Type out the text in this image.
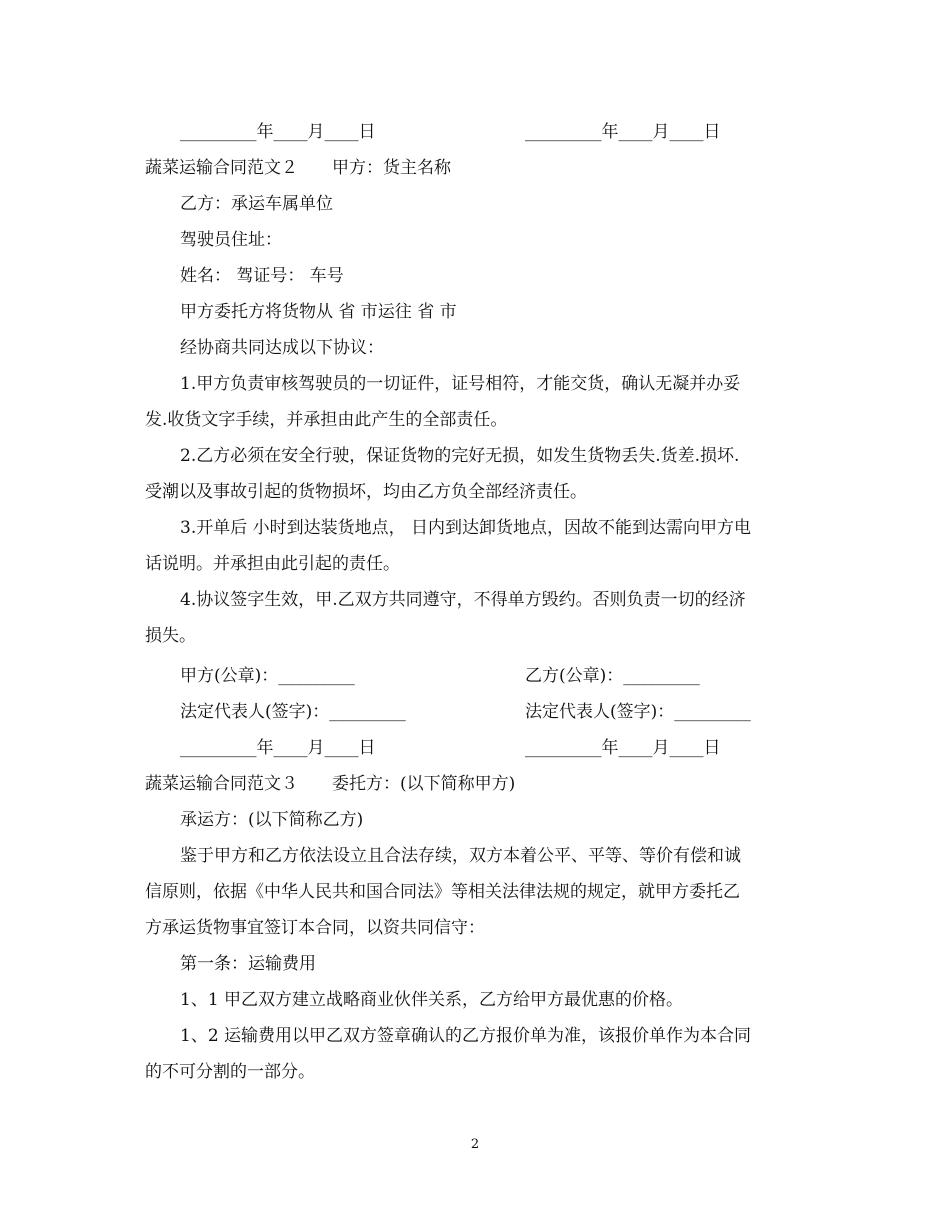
_________年____月____日	_________年____月____日
蔬菜运输合同范文２　　甲方：货主名称
乙方：承运车属单位
驾驶员住址：
姓名： 驾证号： 车号
甲方委托方将货物从 省 市运往 省 市
经协商共同达成以下协议：
1.甲方负责审核驾驶员的一切证件，证号相符，才能交货，确认无凝并办妥
发.收货文字手续，并承担由此产生的全部责任。
2.乙方必须在安全行驶，保证货物的完好无损，如发生货物丢失.货差.损坏.
受潮以及事故引起的货物损坏，均由乙方负全部经济责任。
3.开单后 小时到达装货地点， 日内到达卸货地点，因故不能到达需向甲方电
话说明。并承担由此引起的责任。
4.协议签字生效，甲.乙双方共同遵守，不得单方毁约。否则负责一切的经济
损失。
甲方(公章)：_________	乙方(公章)：_________
法定代表人(签字)：_________	法定代表人(签字)：_________
_________年____月____日	_________年____月____日
蔬菜运输合同范文３　　委托方：(以下简称甲方)
承运方：(以下简称乙方)
鉴于甲方和乙方依法设立且合法存续，双方本着公平、平等、等价有偿和诚
信原则，依据《中华人民共和国合同法》等相关法律法规的规定，就甲方委托乙
方承运货物事宜签订本合同，以资共同信守：
第一条：运输费用
1、1 甲乙双方建立战略商业伙伴关系，乙方给甲方最优惠的价格。
1、2 运输费用以甲乙双方签章确认的乙方报价单为准，该报价单作为本合同
的不可分割的一部分。
2
